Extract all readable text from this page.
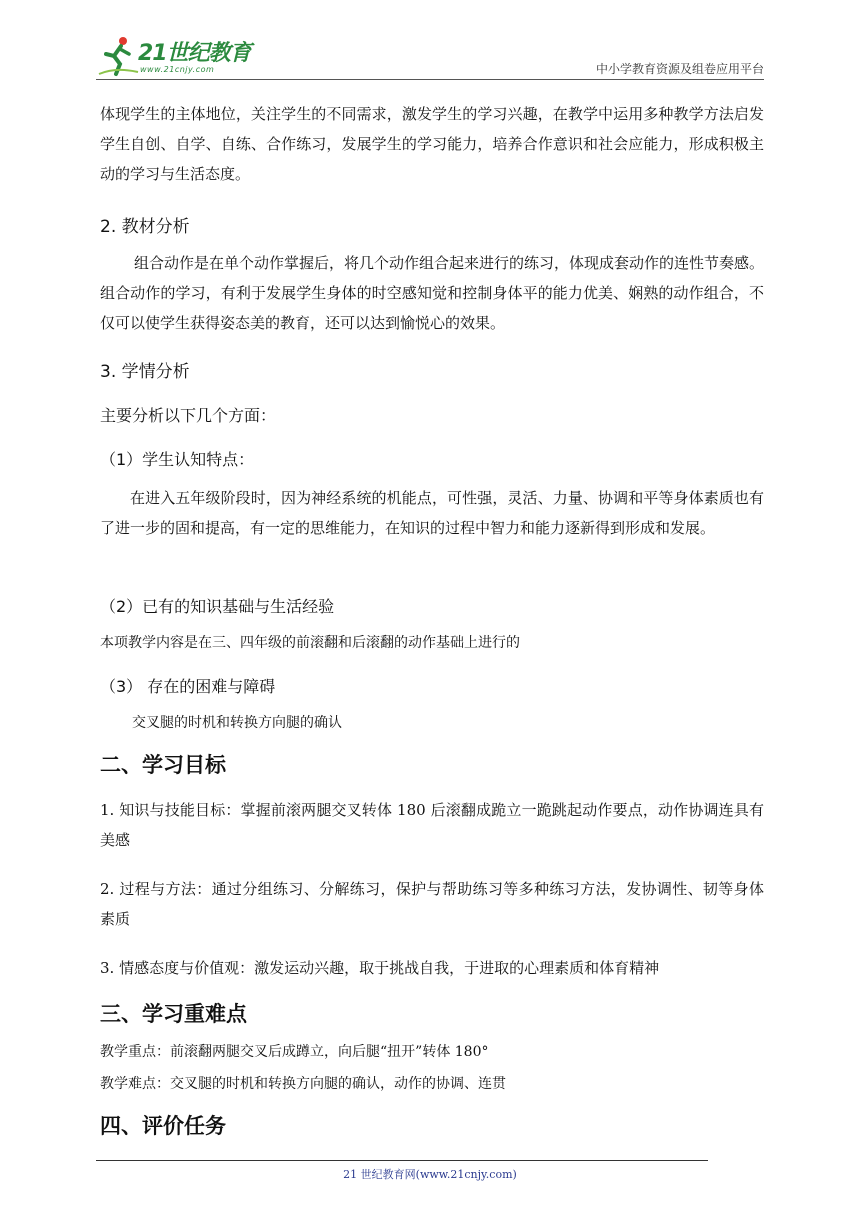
21世纪教育
www.21cnjy.com	中小学教育资源及组卷应用平台
体现学生的主体地位，关注学生的不同需求，激发学生的学习兴趣，在教学中运用多种教学方法启发学生自创、自学、自练、合作练习，发展学生的学习能力，培养合作意识和社会应能力，形成积极主动的学习与生活态度。
2. 教材分析
组合动作是在单个动作掌握后，将几个动作组合起来进行的练习，体现成套动作的连性节奏感。组合动作的学习，有利于发展学生身体的时空感知觉和控制身体平的能力优美、娴熟的动作组合，不仅可以使学生获得姿态美的教育，还可以达到愉悦心的效果。
3. 学情分析
主要分析以下几个方面：
（1）学生认知特点：
在进入五年级阶段时，因为神经系统的机能点，可性强，灵活、力量、协调和平等身体素质也有了进一步的固和提高，有一定的思维能力，在知识的过程中智力和能力逐新得到形成和发展。
（2）已有的知识基础与生活经验
本项教学内容是在三、四年级的前滚翻和后滚翻的动作基础上进行的
（3） 存在的困难与障碍
交叉腿的时机和转换方向腿的确认
二、学习目标
1. 知识与技能目标：掌握前滚两腿交叉转体 180 后滚翻成跪立一跪跳起动作要点，动作协调连具有美感
2. 过程与方法：通过分组练习、分解练习，保护与帮助练习等多种练习方法，发协调性、韧等身体素质
3. 情感态度与价值观：激发运动兴趣，取于挑战自我，于进取的心理素质和体育精神
三、学习重难点
教学重点：前滚翻两腿交叉后成蹲立，向后腿“扭开”转体 180°
教学难点：交叉腿的时机和转换方向腿的确认，动作的协调、连贯
四、评价任务
21 世纪教育网(www.21cnjy.com)
